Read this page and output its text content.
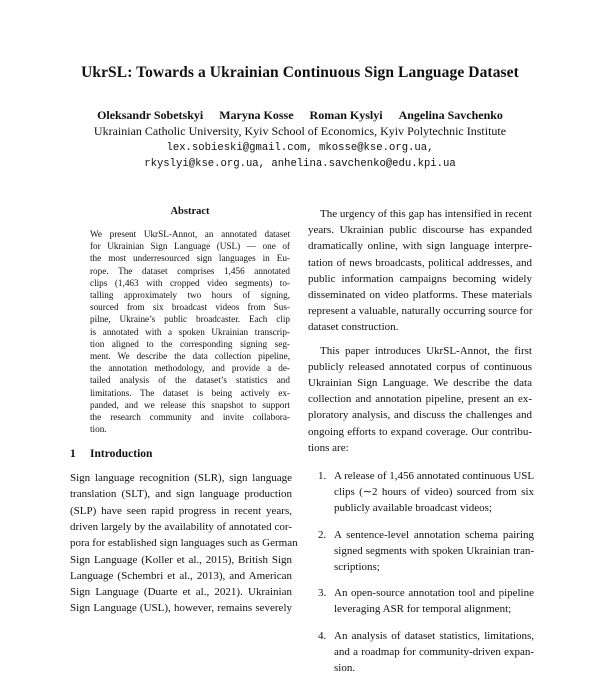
UkrSL: Towards a Ukrainian Continuous Sign Language Dataset
Oleksandr Sobetskyi Maryna Kosse Roman Kyslyi Angelina Savchenko
Ukrainian Catholic University, Kyiv School of Economics, Kyiv Polytechnic Institute
lex.sobieski@gmail.com, mkosse@kse.org.ua,
rkyslyi@kse.org.ua, anhelina.savchenko@edu.kpi.ua
Abstract
We present UkrSL-Annot, an annotated dataset
for Ukrainian Sign Language (USL) — one of
the most underresourced sign languages in Eu-
rope. The dataset comprises 1,456 annotated
clips (1,463 with cropped video segments) to-
talling approximately two hours of signing,
sourced from six broadcast videos from Sus-
pilne, Ukraine’s public broadcaster. Each clip
is annotated with a spoken Ukrainian transcrip-
tion aligned to the corresponding signing seg-
ment. We describe the data collection pipeline,
the annotation methodology, and provide a de-
tailed analysis of the dataset’s statistics and
limitations. The dataset is being actively ex-
panded, and we release this snapshot to support
the research community and invite collabora-
tion.
1 Introduction
Sign language recognition (SLR), sign language
translation (SLT), and sign language production
(SLP) have seen rapid progress in recent years,
driven largely by the availability of annotated cor-
pora for established sign languages such as German
Sign Language (Koller et al., 2015), British Sign
Language (Schembri et al., 2013), and American
Sign Language (Duarte et al., 2021). Ukrainian
Sign Language (USL), however, remains severely
The urgency of this gap has intensified in recent
years. Ukrainian public discourse has expanded
dramatically online, with sign language interpre-
tation of news broadcasts, political addresses, and
public information campaigns becoming widely
disseminated on video platforms. These materials
represent a valuable, naturally occurring source for
dataset construction.
This paper introduces UkrSL-Annot, the first
publicly released annotated corpus of continuous
Ukrainian Sign Language. We describe the data
collection and annotation pipeline, present an ex-
ploratory analysis, and discuss the challenges and
ongoing efforts to expand coverage. Our contribu-
tions are:
1. A release of 1,456 annotated continuous USL
clips (∼2 hours of video) sourced from six
publicly available broadcast videos;
2. A sentence-level annotation schema pairing
signed segments with spoken Ukrainian tran-
scriptions;
3. An open-source annotation tool and pipeline
leveraging ASR for temporal alignment;
4. An analysis of dataset statistics, limitations,
and a roadmap for community-driven expan-
sion.
